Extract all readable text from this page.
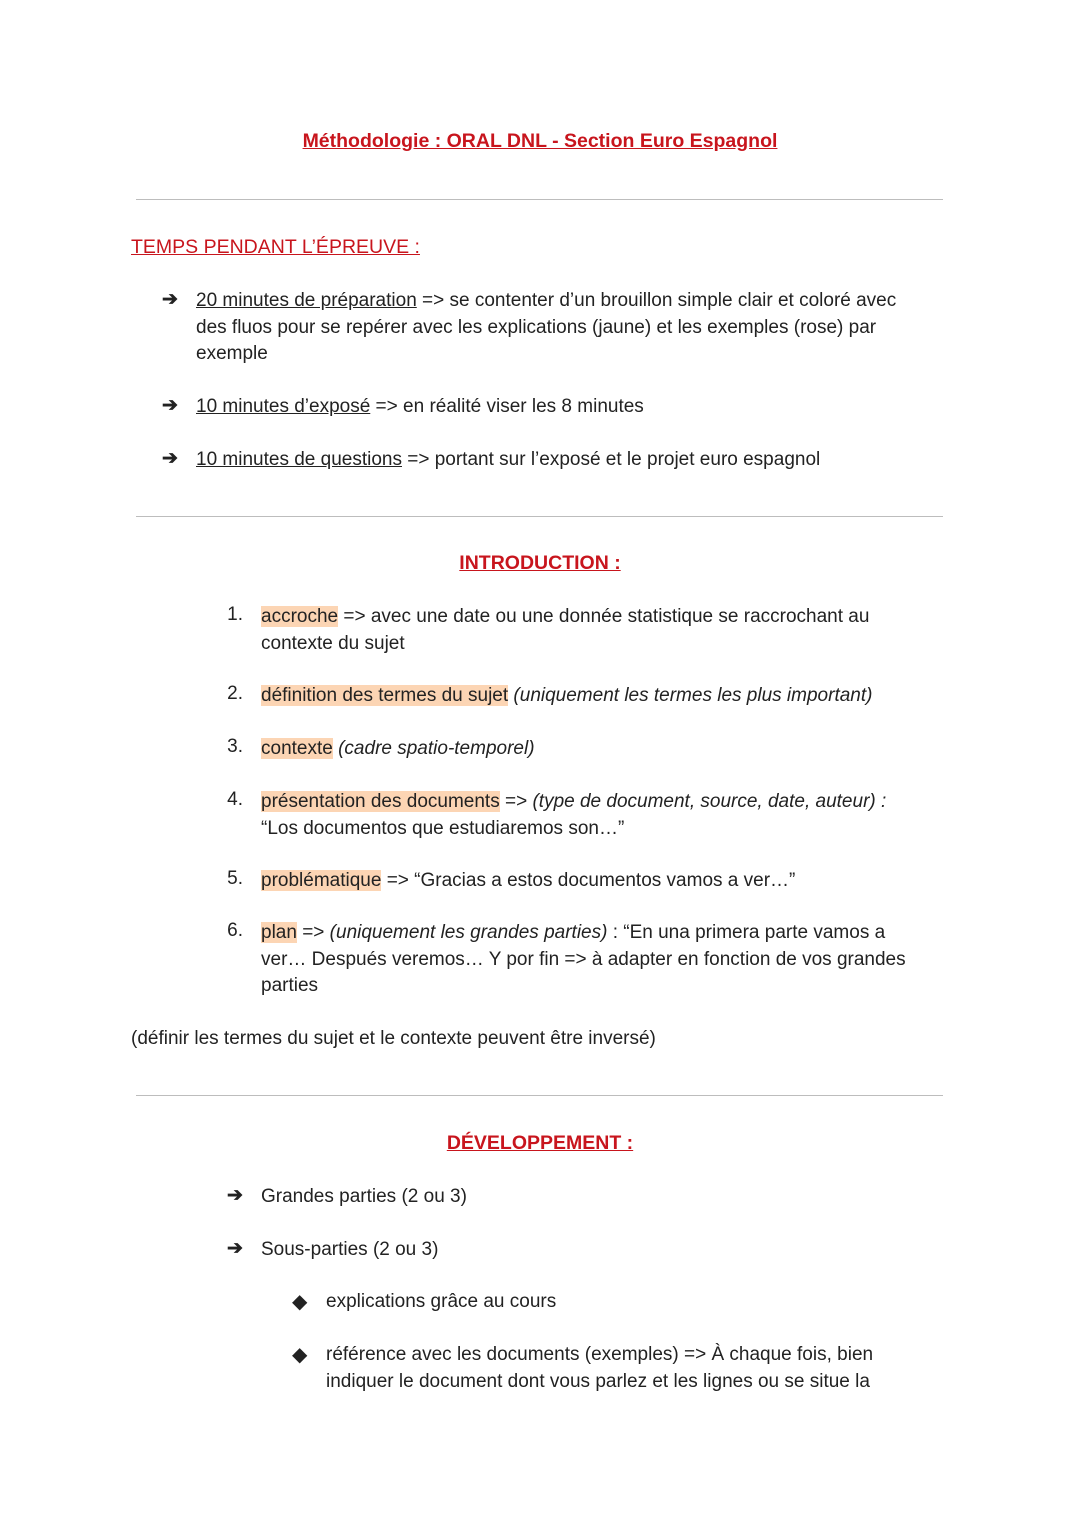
Méthodologie : ORAL DNL - Section Euro Espagnol
TEMPS PENDANT L’ÉPREUVE :
➔ 20 minutes de préparation => se contenter d’un brouillon simple clair et coloré avec
des fluos pour se repérer avec les explications (jaune) et les exemples (rose) par
exemple
➔ 10 minutes d’exposé => en réalité viser les 8 minutes
➔ 10 minutes de questions => portant sur l’exposé et le projet euro espagnol
INTRODUCTION :
1. accroche => avec une date ou une donnée statistique se raccrochant au
contexte du sujet
2. définition des termes du sujet (uniquement les termes les plus important)
3. contexte (cadre spatio-temporel)
4. présentation des documents => (type de document, source, date, auteur) :
“Los documentos que estudiaremos son…”
5. problématique => “Gracias a estos documentos vamos a ver…”
6. plan => (uniquement les grandes parties) : “En una primera parte vamos a
ver… Después veremos… Y por fin => à adapter en fonction de vos grandes
parties
(définir les termes du sujet et le contexte peuvent être inversé)
DÉVELOPPEMENT :
➔ Grandes parties (2 ou 3)
➔ Sous-parties (2 ou 3)
◆ explications grâce au cours
◆ référence avec les documents (exemples) => À chaque fois, bien
indiquer le document dont vous parlez et les lignes ou se situe la
